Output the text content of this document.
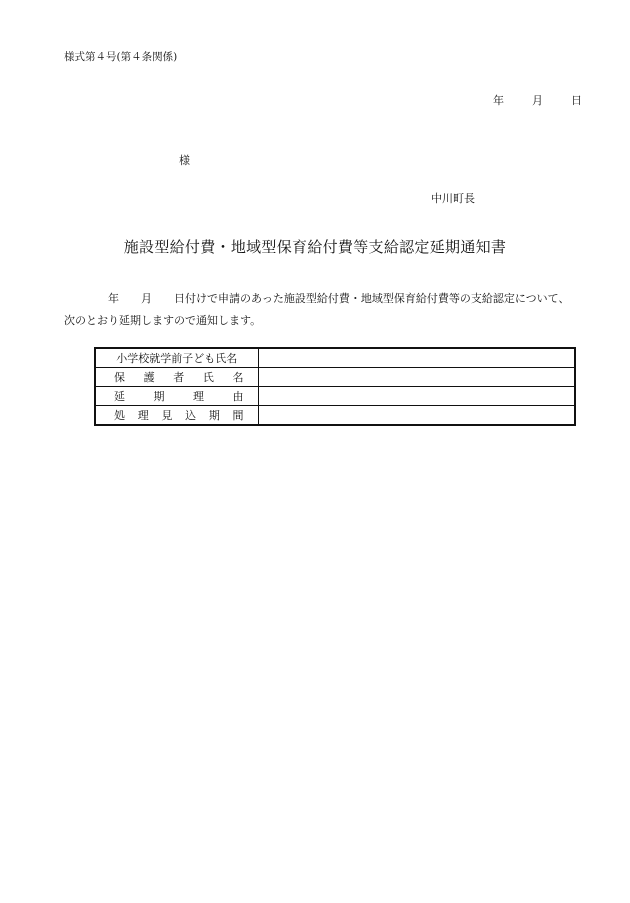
様式第４号(第４条関係)
年	月	日
様
中川町長
施設型給付費・地域型保育給付費等支給認定延期通知書
年 月 日付けで申請のあった施設型給付費・地域型保育給付費等の支給認定について、
次のとおり延期しますので通知します。
小学校就学前子ども氏名	
保護者氏名	
延期理由	
処理見込期間	
